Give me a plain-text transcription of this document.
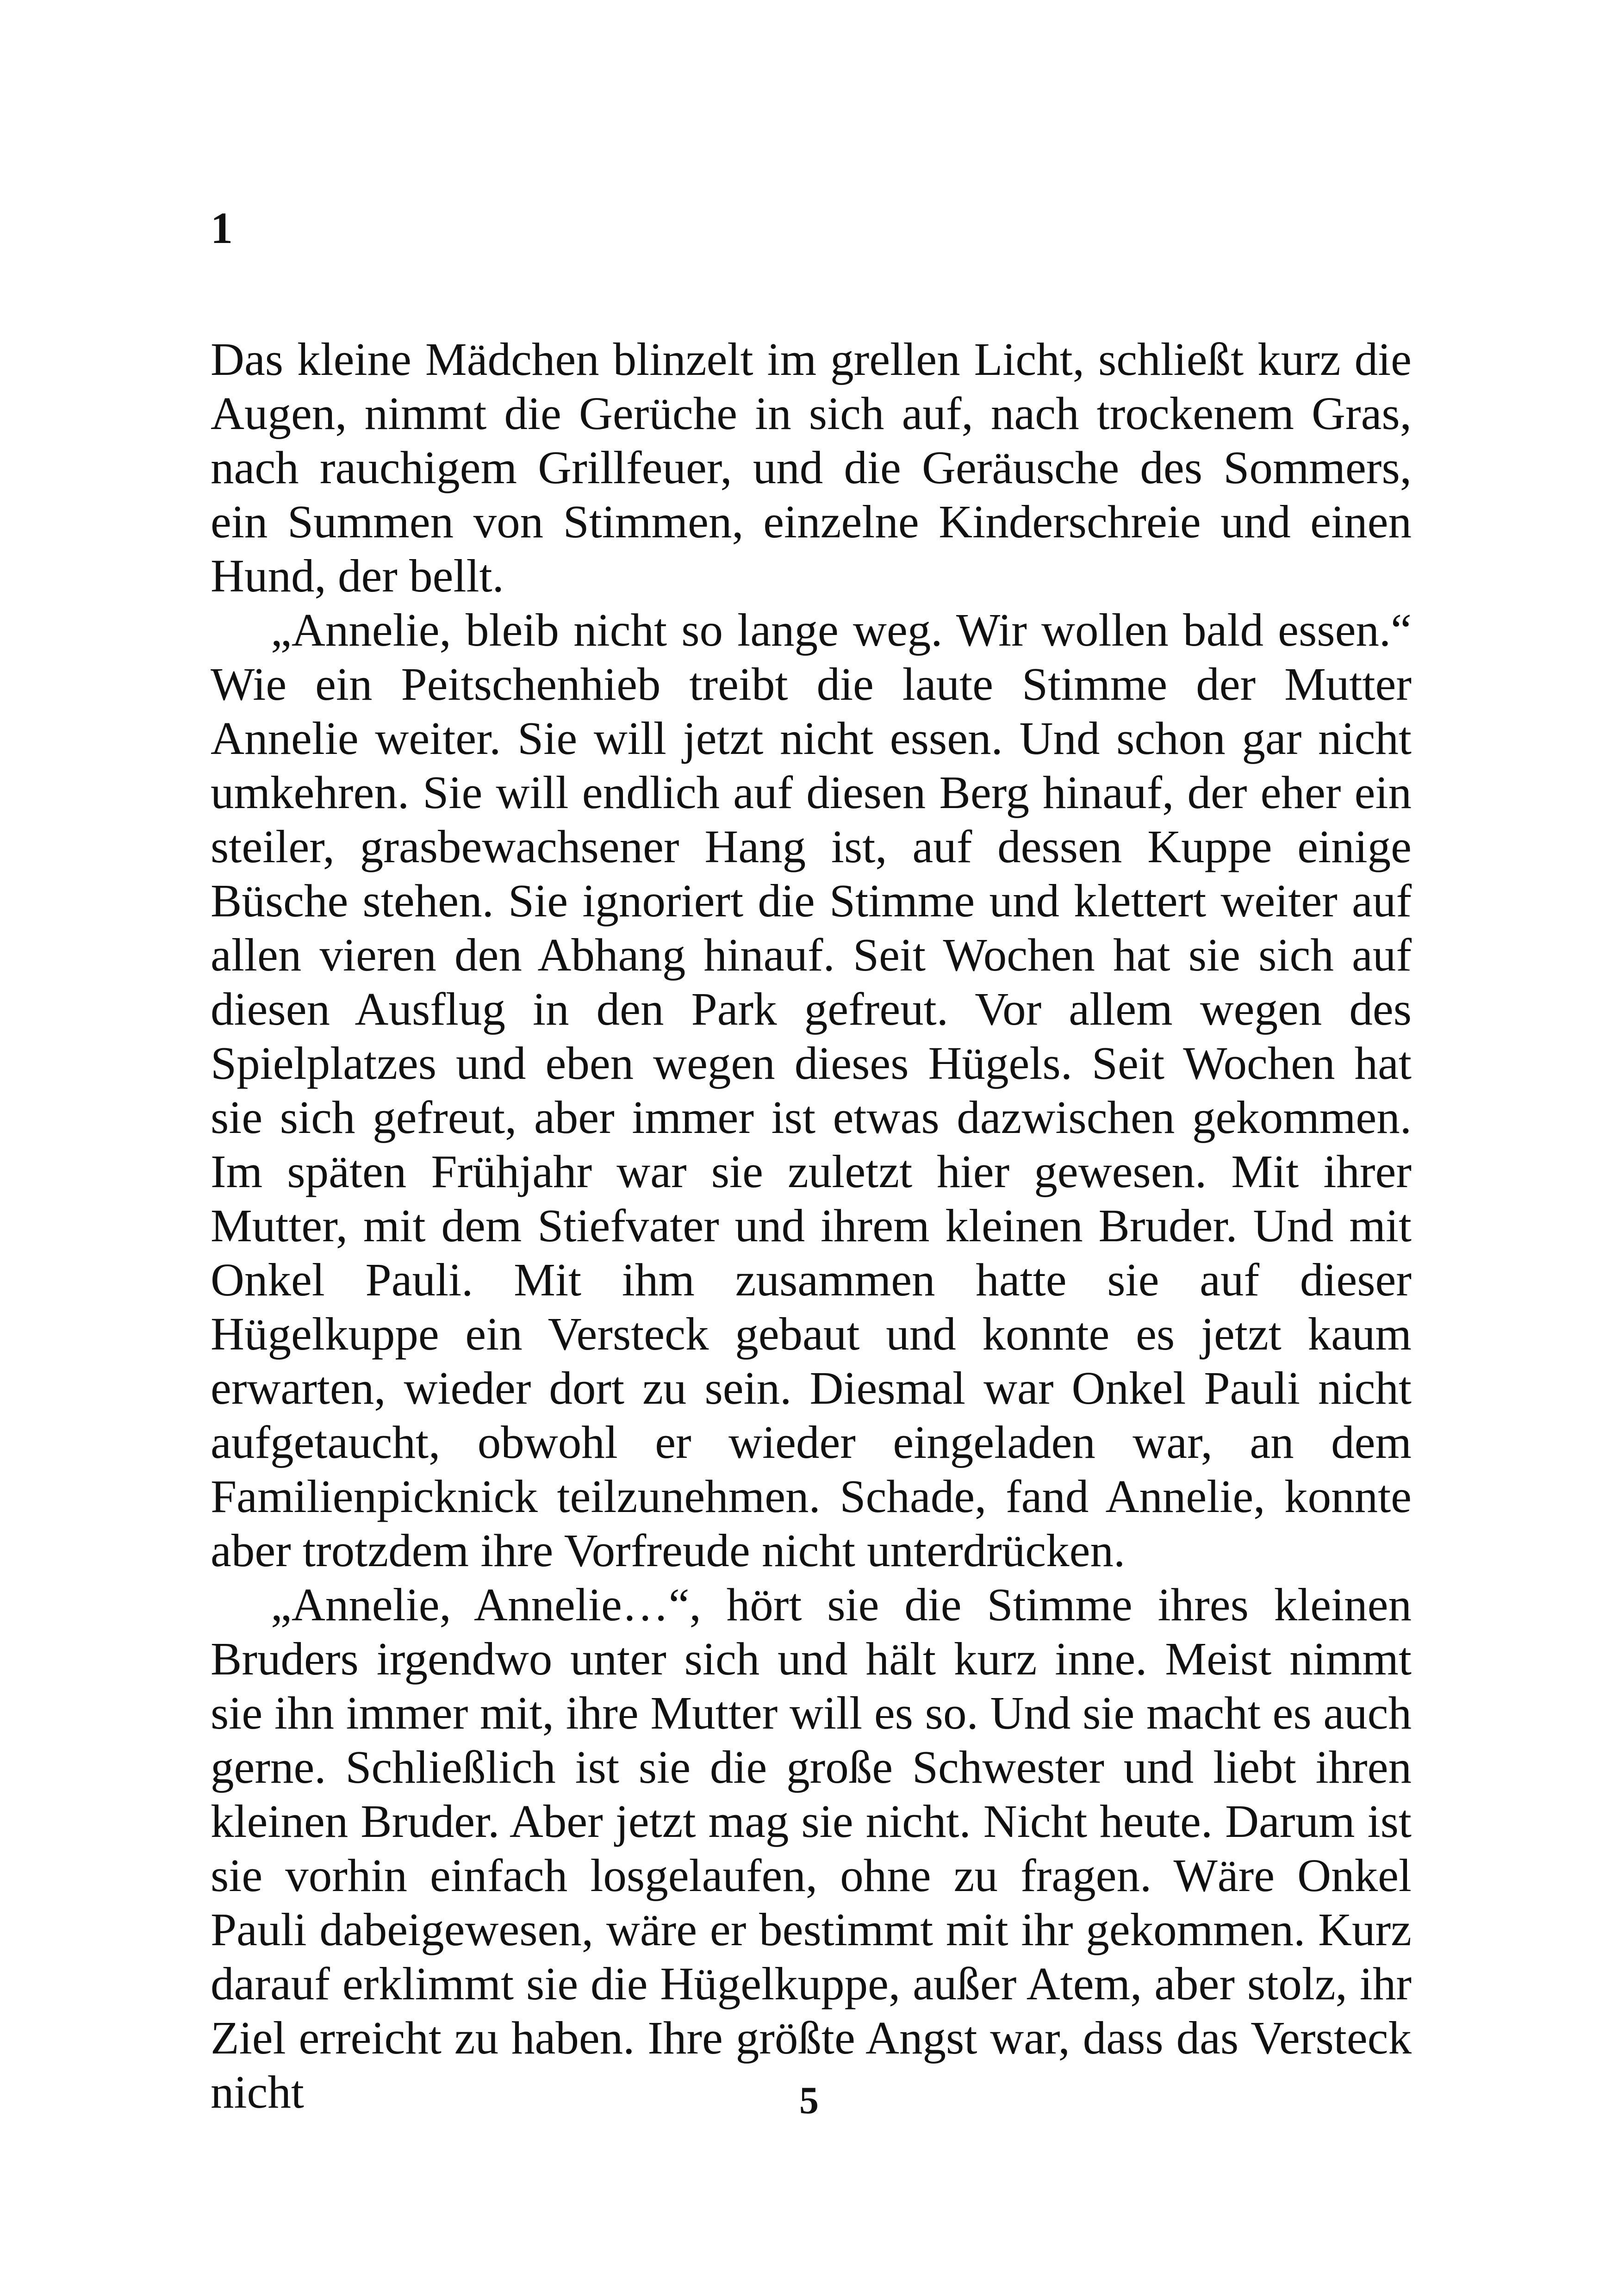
1

Das kleine Mädchen blinzelt im grellen Licht, schließt kurz die Augen, nimmt die Gerüche in sich auf, nach trockenem Gras, nach rauchigem Grillfeuer, und die Geräusche des Sommers, ein Summen von Stimmen, einzelne Kinderschreie und einen Hund, der bellt.

„Annelie, bleib nicht so lange weg. Wir wollen bald essen.“ Wie ein Peitschenhieb treibt die laute Stimme der Mutter Annelie weiter. Sie will jetzt nicht essen. Und schon gar nicht umkehren. Sie will endlich auf diesen Berg hinauf, der eher ein steiler, grasbewachsener Hang ist, auf dessen Kuppe einige Büsche stehen. Sie ignoriert die Stimme und klettert weiter auf allen vieren den Abhang hinauf. Seit Wochen hat sie sich auf diesen Ausflug in den Park gefreut. Vor allem wegen des Spielplatzes und eben wegen dieses Hügels. Seit Wochen hat sie sich gefreut, aber immer ist etwas dazwischen gekommen. Im späten Frühjahr war sie zuletzt hier gewesen. Mit ihrer Mutter, mit dem Stiefvater und ihrem kleinen Bruder. Und mit Onkel Pauli. Mit ihm zusammen hatte sie auf dieser Hügelkuppe ein Versteck gebaut und konnte es jetzt kaum erwarten, wieder dort zu sein. Diesmal war Onkel Pauli nicht aufgetaucht, obwohl er wieder eingeladen war, an dem Familienpicknick teilzunehmen. Schade, fand Annelie, konnte aber trotzdem ihre Vorfreude nicht unterdrücken.

„Annelie, Annelie…“, hört sie die Stimme ihres kleinen Bruders irgendwo unter sich und hält kurz inne. Meist nimmt sie ihn immer mit, ihre Mutter will es so. Und sie macht es auch gerne. Schließlich ist sie die große Schwester und liebt ihren kleinen Bruder. Aber jetzt mag sie nicht. Nicht heute. Darum ist sie vorhin einfach losgelaufen, ohne zu fragen. Wäre Onkel Pauli dabeigewesen, wäre er bestimmt mit ihr gekommen. Kurz darauf erklimmt sie die Hügelkuppe, außer Atem, aber stolz, ihr Ziel erreicht zu haben. Ihre größte Angst war, dass das Versteck nicht	5
